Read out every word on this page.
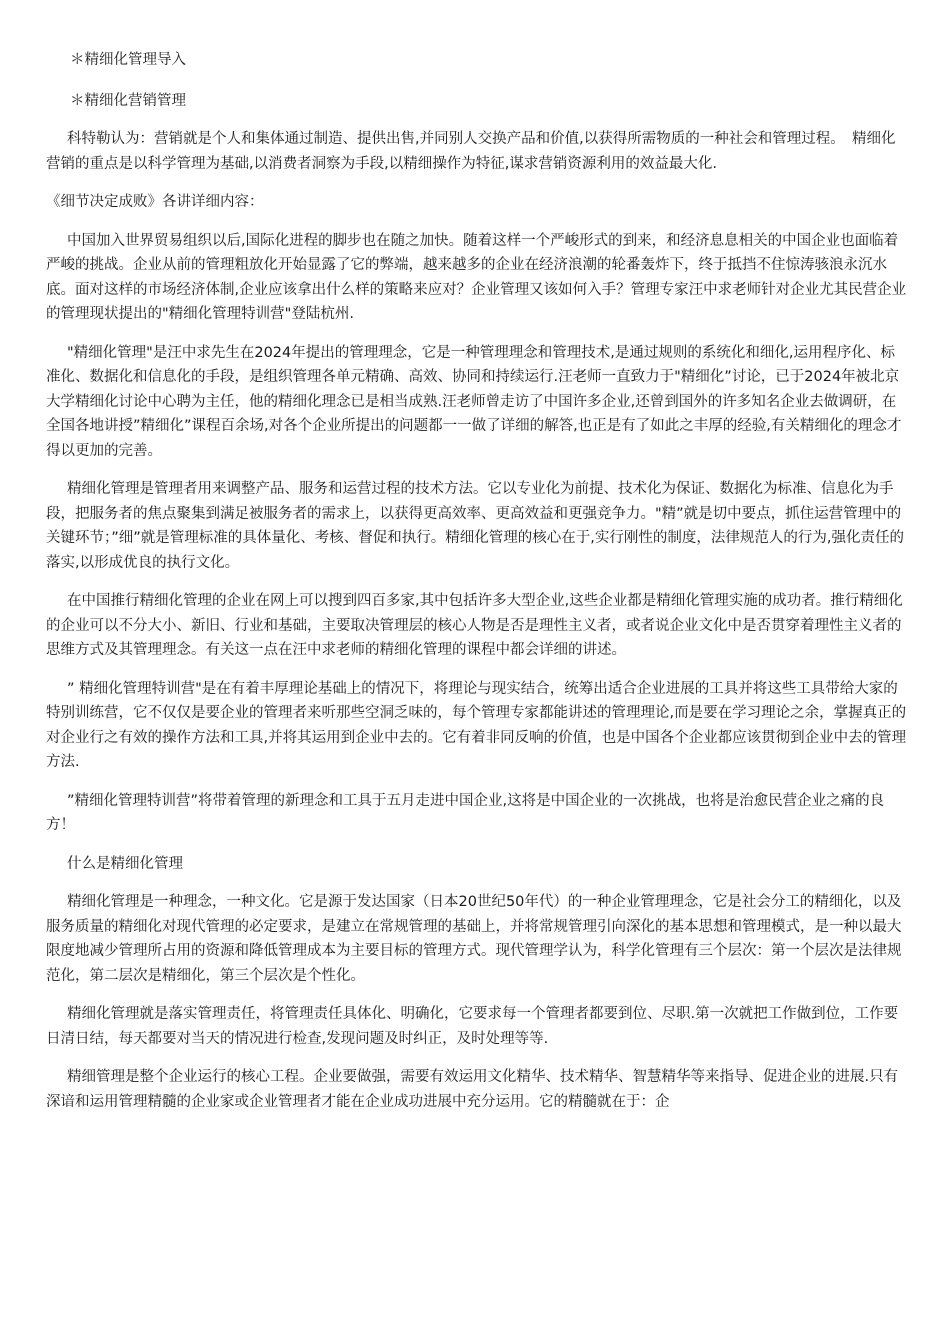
＊精细化管理导入

＊精细化营销管理

科特勒认为：营销就是个人和集体通过制造、提供出售,并同别人交换产品和价值,以获得所需物质的一种社会和管理过程。　精细化营销的重点是以科学管理为基础,以消费者洞察为手段,以精细操作为特征,谋求营销资源利用的效益最大化.

《细节决定成败》各讲详细内容：

中国加入世界贸易组织以后,国际化进程的脚步也在随之加快。随着这样一个严峻形式的到来，和经济息息相关的中国企业也面临着严峻的挑战。企业从前的管理粗放化开始显露了它的弊端，越来越多的企业在经济浪潮的轮番轰炸下，终于抵挡不住惊涛骇浪永沉水底。面对这样的市场经济体制,企业应该拿出什么样的策略来应对？企业管理又该如何入手？管理专家汪中求老师针对企业尤其民营企业的管理现状提出的"精细化管理特训营"登陆杭州.

"精细化管理"是汪中求先生在2024年提出的管理理念，它是一种管理理念和管理技术,是通过规则的系统化和细化,运用程序化、标准化、数据化和信息化的手段，是组织管理各单元精确、高效、协同和持续运行.汪老师一直致力于"精细化”讨论，已于2024年被北京大学精细化讨论中心聘为主任，他的精细化理念已是相当成熟.汪老师曾走访了中国许多企业,还曾到国外的许多知名企业去做调研，在全国各地讲授”精细化”课程百余场,对各个企业所提出的问题都一一做了详细的解答,也正是有了如此之丰厚的经验,有关精细化的理念才得以更加的完善。

精细化管理是管理者用来调整产品、服务和运营过程的技术方法。它以专业化为前提、技术化为保证、数据化为标准、信息化为手段，把服务者的焦点聚集到满足被服务者的需求上，以获得更高效率、更高效益和更强竞争力。"精”就是切中要点，抓住运营管理中的关键环节；”细”就是管理标准的具体量化、考核、督促和执行。精细化管理的核心在于,实行刚性的制度，法律规范人的行为,强化责任的落实,以形成优良的执行文化。

在中国推行精细化管理的企业在网上可以搜到四百多家,其中包括许多大型企业,这些企业都是精细化管理实施的成功者。推行精细化的企业可以不分大小、新旧、行业和基础，主要取决管理层的核心人物是否是理性主义者，或者说企业文化中是否贯穿着理性主义者的思维方式及其管理理念。有关这一点在汪中求老师的精细化管理的课程中都会详细的讲述。

” 精细化管理特训营"是在有着丰厚理论基础上的情况下，将理论与现实结合，统筹出适合企业进展的工具并将这些工具带给大家的特别训练营，它不仅仅是要企业的管理者来听那些空洞乏味的，每个管理专家都能讲述的管理理论,而是要在学习理论之余，掌握真正的对企业行之有效的操作方法和工具,并将其运用到企业中去的。它有着非同反响的价值，也是中国各个企业都应该贯彻到企业中去的管理方法.

”精细化管理特训营”将带着管理的新理念和工具于五月走进中国企业,这将是中国企业的一次挑战，也将是治愈民营企业之痛的良方！

什么是精细化管理

精细化管理是一种理念，一种文化。它是源于发达国家（日本20世纪50年代）的一种企业管理理念，它是社会分工的精细化，以及服务质量的精细化对现代管理的必定要求，是建立在常规管理的基础上，并将常规管理引向深化的基本思想和管理模式，是一种以最大限度地减少管理所占用的资源和降低管理成本为主要目标的管理方式。现代管理学认为，科学化管理有三个层次：第一个层次是法律规范化，第二层次是精细化，第三个层次是个性化。

精细化管理就是落实管理责任，将管理责任具体化、明确化，它要求每一个管理者都要到位、尽职.第一次就把工作做到位，工作要日清日结，每天都要对当天的情况进行检查,发现问题及时纠正，及时处理等等.

精细管理是整个企业运行的核心工程。企业要做强，需要有效运用文化精华、技术精华、智慧精华等来指导、促进企业的进展.只有深谙和运用管理精髓的企业家或企业管理者才能在企业成功进展中充分运用。它的精髓就在于：企
